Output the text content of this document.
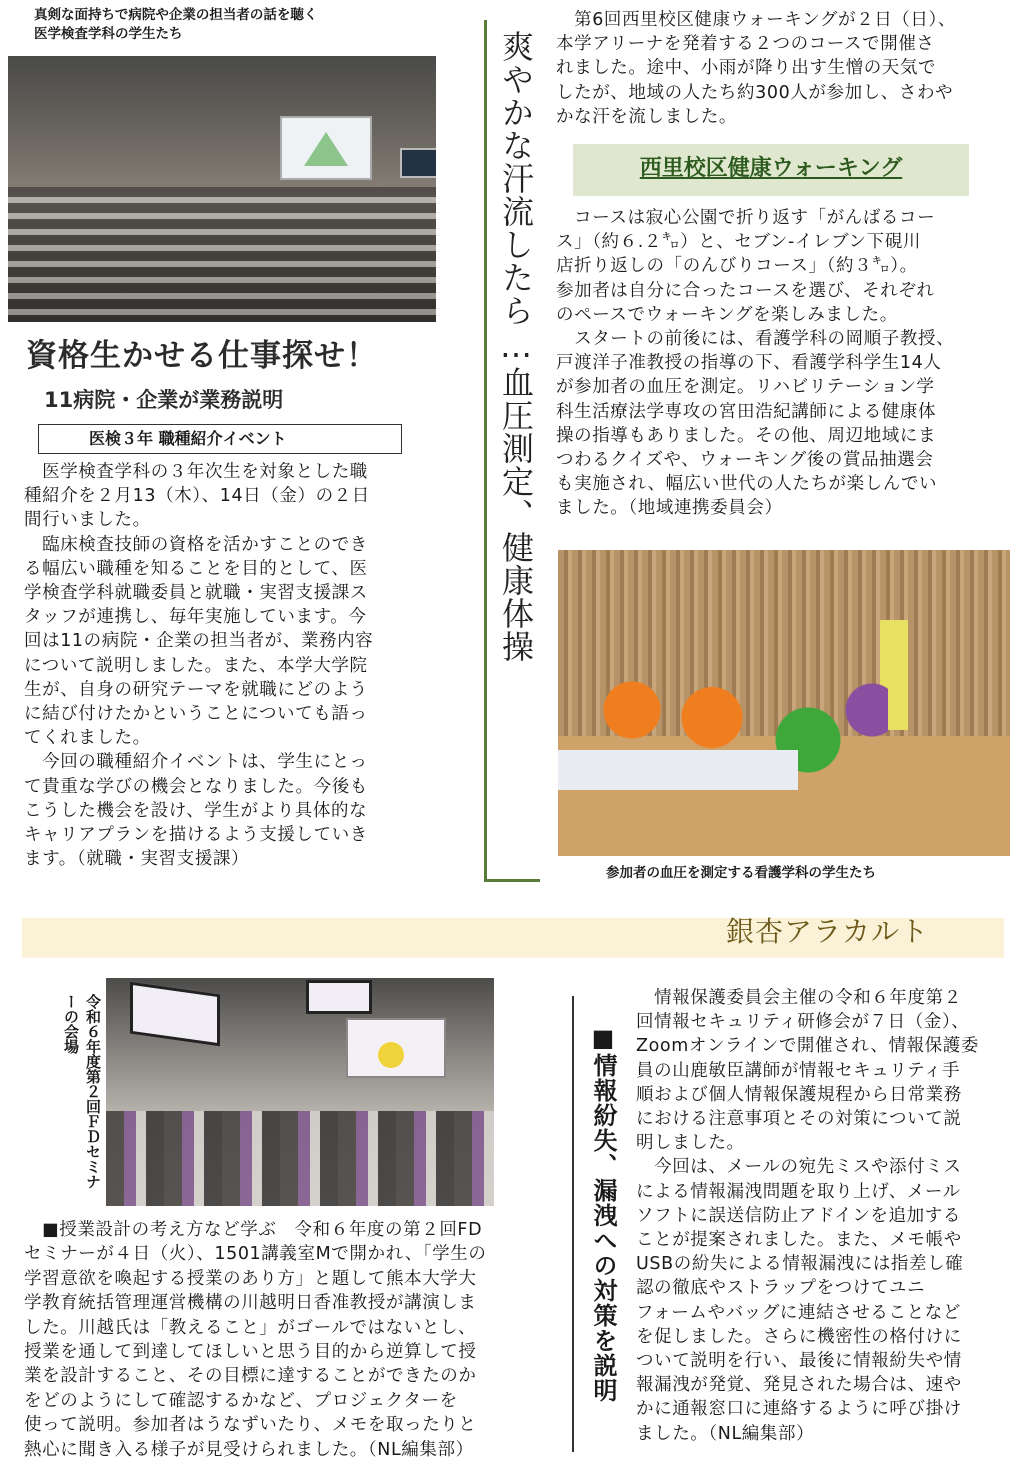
真剣な面持ちで病院や企業の担当者の話を聴く
医学検査学科の学生たち
資格生かせる仕事探せ！
11病院・企業が業務説明
医検３年 職種紹介イベント

　医学検査学科の３年次生を対象とした職
種紹介を２月13（木）、14日（金）の２日
間行いました。
　臨床検査技師の資格を活かすことのでき
る幅広い職種を知ることを目的として、医
学検査学科就職委員と就職・実習支援課ス
タッフが連携し、毎年実施しています。今
回は11の病院・企業の担当者が、業務内容
について説明しました。また、本学大学院
生が、自身の研究テーマを就職にどのよう
に結び付けたかということについても語っ
てくれました。
　今回の職種紹介イベントは、学生にとっ
て貴重な学びの機会となりました。今後も
こうした機会を設け、学生がより具体的な
キャリアプランを描けるよう支援していき
ます。（就職・実習支援課）

爽やかな汗流したら…血圧測定、健康体操

　第6回西里校区健康ウォーキングが２日（日）、
本学アリーナを発着する２つのコースで開催さ
れました。途中、小雨が降り出す生憎の天気で
したが、地域の人たち約300人が参加し、さわや
かな汗を流しました。

西里校区健康ウォーキング

　コースは寂心公園で折り返す「がんばるコー
ス」（約６.２㌔）と、セブン-イレブン下硯川
店折り返しの「のんびりコース」（約３㌔）。
参加者は自分に合ったコースを選び、それぞれ
のペースでウォーキングを楽しみました。
　スタートの前後には、看護学科の岡順子教授、
戸渡洋子准教授の指導の下、看護学科学生14人
が参加者の血圧を測定。リハビリテーション学
科生活療法学専攻の宮田浩紀講師による健康体
操の指導もありました。その他、周辺地域にま
つわるクイズや、ウォーキング後の賞品抽選会
も実施され、幅広い世代の人たちが楽しんでい
ました。（地域連携委員会）

参加者の血圧を測定する看護学科の学生たち
銀杏アラカルト
令和６年度第２回ＦＤセミナーの会場

　■授業設計の考え方など学ぶ　令和６年度の第２回FD
セミナーが４日（火）、1501講義室Mで開かれ、「学生の
学習意欲を喚起する授業のあり方」と題して熊本大学大
学教育統括管理運営機構の川越明日香准教授が講演しま
した。川越氏は「教えること」がゴールではないとし、
授業を通して到達してほしいと思う目的から逆算して授
業を設計すること、その目標に達することができたのか
をどのようにして確認するかなど、プロジェクターを
使って説明。参加者はうなずいたり、メモを取ったりと
熱心に聞き入る様子が見受けられました。（NL編集部）

■情報紛失、漏洩への対策を説明

　情報保護委員会主催の令和６年度第２
回情報セキュリティ研修会が７日（金）、
Zoomオンラインで開催され、情報保護委
員の山鹿敏臣講師が情報セキュリティ手
順および個人情報保護規程から日常業務
における注意事項とその対策について説
明しました。
　今回は、メールの宛先ミスや添付ミス
による情報漏洩問題を取り上げ、メール
ソフトに誤送信防止アドインを追加する
ことが提案されました。また、メモ帳や
USBの紛失による情報漏洩には指差し確
認の徹底やストラップをつけてユニ
フォームやバッグに連結させることなど
を促しました。さらに機密性の格付けに
ついて説明を行い、最後に情報紛失や情
報漏洩が発覚、発見された場合は、速や
かに通報窓口に連絡するように呼び掛け
ました。（NL編集部）
